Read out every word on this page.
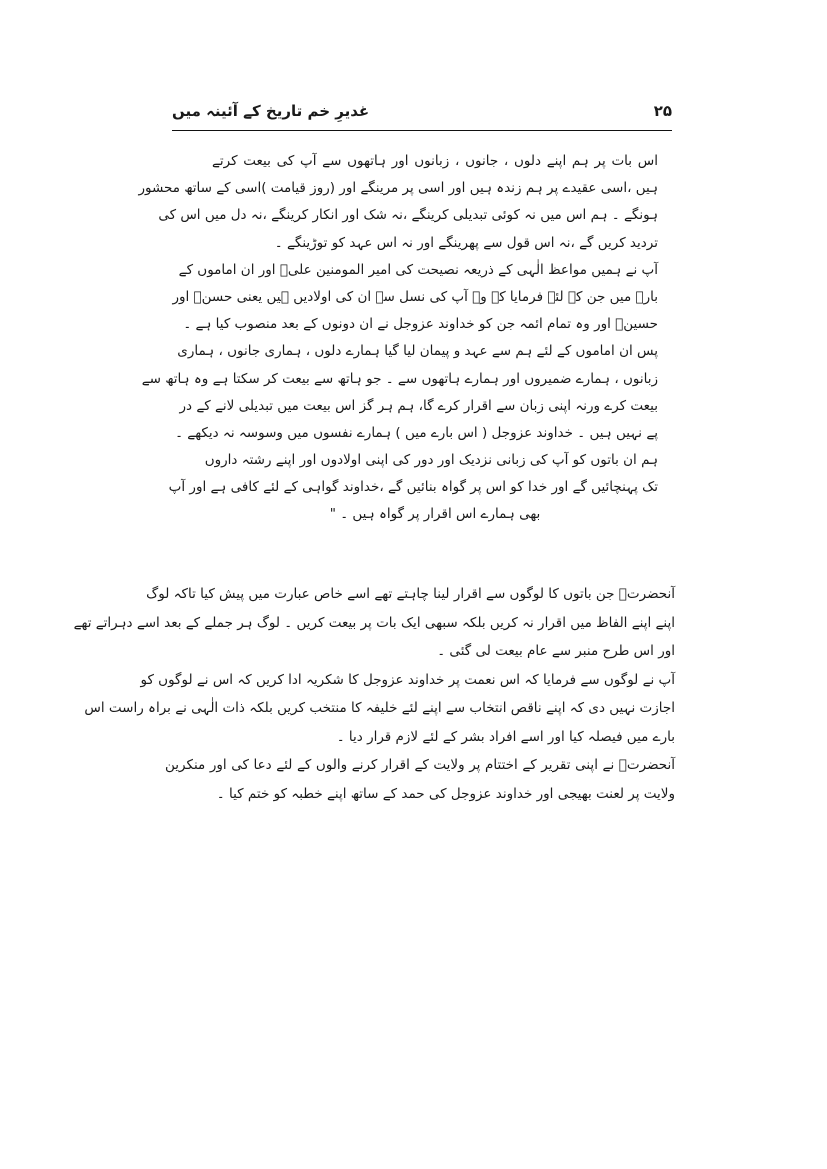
۲۵
غدیرِ خم تاریخ کے آئینہ میں
اس بات پر ہم اپنے دلوں ، جانوں ، زبانوں اور ہاتھوں سے آپ کی بیعت کرتے
ہیں ،اسی عقیدے پر ہم زندہ ہیں اور اسی پر مرینگے اور (روز قیامت )اسی کے ساتھ محشور
ہونگے ۔ ہم اس میں نہ کوئی تبدیلی کرینگے ،نہ شک اور انکار کرینگے ،نہ دل میں اس کی
تردید کریں گے ،نہ اس قول سے پھرینگے اور نہ اس عہد کو توڑینگے ۔
آپ نے ہمیں مواعظ الٰہی کے ذریعہ نصیحت کی امیر المومنین علیؑ اور ان اماموں کے
بارے میں جن کے لئے فرمایا کہ وہ آپ کی نسل سے ان کی اولادیں ہیں یعنی حسنؑ اور
حسینؑ اور وہ تمام ائمہ جن کو خداوند عزوجل نے ان دونوں کے بعد منصوب کیا ہے ۔
پس ان اماموں کے لئے ہم سے عہد و پیمان لیا گیا ہمارے دلوں ، ہماری جانوں ، ہماری
زبانوں ، ہمارے ضمیروں اور ہمارے ہاتھوں سے ۔ جو ہاتھ سے بیعت کر سکتا ہے وہ ہاتھ سے
بیعت کرے ورنہ اپنی زبان سے اقرار کرے گا، ہم ہر گز اس بیعت میں تبدیلی لانے کے در
پے نہیں ہیں ۔ خداوند عزوجل ( اس بارے میں ) ہمارے نفسوں میں وسوسہ نہ دیکھے ۔
ہم ان باتوں کو آپ کی زبانی نزدیک اور دور کی اپنی اولادوں اور اپنے رشتہ داروں
تک پہنچائیں گے اور خدا کو اس پر گواہ بنائیں گے ،خداوند گواہی کے لئے کافی ہے اور آپ
بھی ہمارے اس اقرار پر گواہ ہیں ۔ "
آنحضرتؐ جن باتوں کا لوگوں سے اقرار لینا چاہتے تھے اسے خاص عبارت میں پیش کیا تاکہ لوگ
اپنے اپنے الفاظ میں اقرار نہ کریں بلکہ سبھی ایک بات پر بیعت کریں ۔ لوگ ہر جملے کے بعد اسے دہراتے تھے
اور اس طرح منبر سے عام بیعت لی گئی ۔
آپ نے لوگوں سے فرمایا کہ اس نعمت پر خداوند عزوجل کا شکریہ ادا کریں کہ اس نے لوگوں کو
اجازت نہیں دی کہ اپنے ناقص انتخاب سے اپنے لئے خلیفہ کا منتخب کریں بلکہ ذات الٰہی نے براہ راست اس
بارے میں فیصلہ کیا اور اسے افراد بشر کے لئے لازم قرار دیا ۔
آنحضرتؐ نے اپنی تقریر کے اختتام پر ولایت کے اقرار کرنے والوں کے لئے دعا کی اور منکرین
ولایت پر لعنت بھیجی اور خداوند عزوجل کی حمد کے ساتھ اپنے خطبہ کو ختم کیا ۔
